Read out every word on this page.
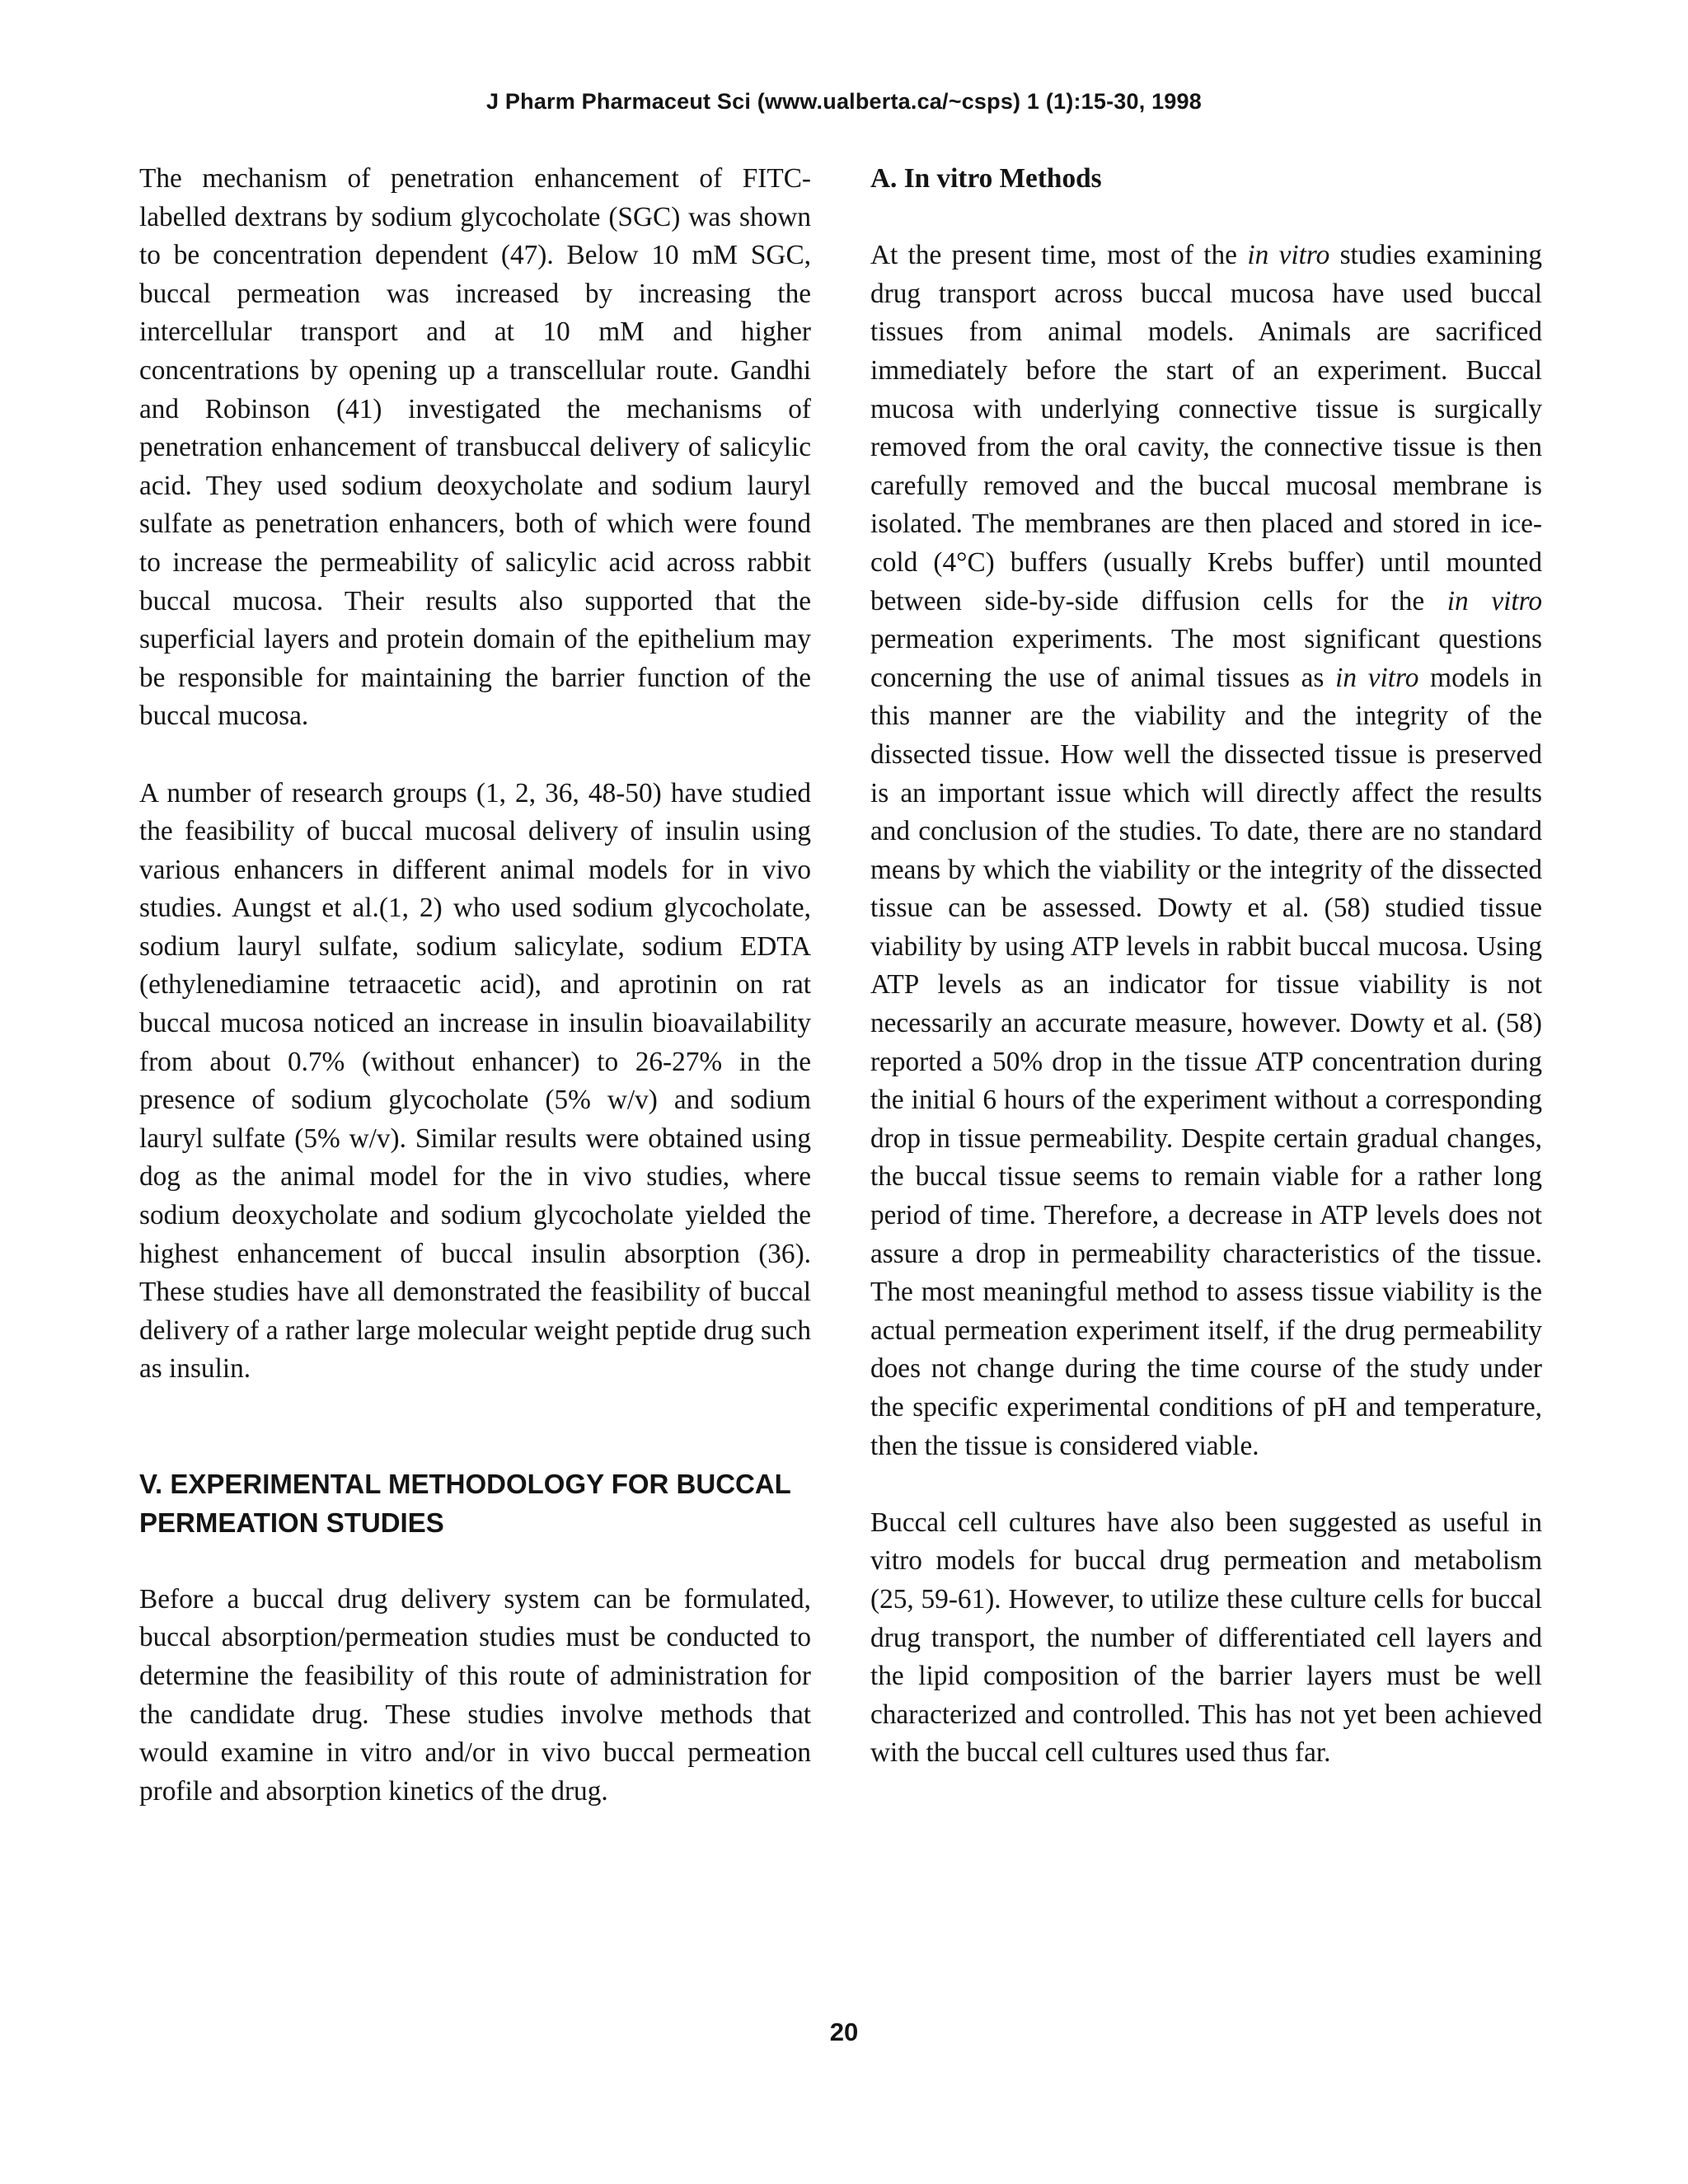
J Pharm Pharmaceut Sci (www.ualberta.ca/~csps) 1 (1):15-30, 1998

The mechanism of penetration enhancement of FITC-labelled dextrans by sodium glycocholate (SGC) was shown to be concentration dependent (47). Below 10 mM SGC, buccal permeation was increased by increasing the intercellular transport and at 10 mM and higher concentrations by opening up a transcellular route. Gandhi and Robinson (41) investigated the mechanisms of penetration enhancement of transbuccal delivery of salicylic acid. They used sodium deoxycholate and sodium lauryl sulfate as penetration enhancers, both of which were found to increase the permeability of salicylic acid across rabbit buccal mucosa. Their results also supported that the superficial layers and protein domain of the epithelium may be responsible for maintaining the barrier function of the buccal mucosa.

A number of research groups (1, 2, 36, 48-50) have studied the feasibility of buccal mucosal delivery of insulin using various enhancers in different animal models for in vivo studies. Aungst et al.(1, 2) who used sodium glycocholate, sodium lauryl sulfate, sodium salicylate, sodium EDTA (ethylenediamine tetraacetic acid), and aprotinin on rat buccal mucosa noticed an increase in insulin bioavailability from about 0.7% (without enhancer) to 26-27% in the presence of sodium glycocholate (5% w/v) and sodium lauryl sulfate (5% w/v). Similar results were obtained using dog as the animal model for the in vivo studies, where sodium deoxycholate and sodium glycocholate yielded the highest enhancement of buccal insulin absorption (36). These studies have all demonstrated the feasibility of buccal delivery of a rather large molecular weight peptide drug such as insulin.

V. EXPERIMENTAL METHODOLOGY FOR BUCCAL PERMEATION STUDIES

Before a buccal drug delivery system can be formulated, buccal absorption/permeation studies must be conducted to determine the feasibility of this route of administration for the candidate drug. These studies involve methods that would examine in vitro and/or in vivo buccal permeation profile and absorption kinetics of the drug.

A. In vitro Methods

At the present time, most of the in vitro studies examining drug transport across buccal mucosa have used buccal tissues from animal models. Animals are sacrificed immediately before the start of an experiment. Buccal mucosa with underlying connective tissue is surgically removed from the oral cavity, the connective tissue is then carefully removed and the buccal mucosal membrane is isolated. The membranes are then placed and stored in ice-cold (4°C) buffers (usually Krebs buffer) until mounted between side-by-side diffusion cells for the in vitro permeation experiments. The most significant questions concerning the use of animal tissues as in vitro models in this manner are the viability and the integrity of the dissected tissue. How well the dissected tissue is preserved is an important issue which will directly affect the results and conclusion of the studies. To date, there are no standard means by which the viability or the integrity of the dissected tissue can be assessed. Dowty et al. (58) studied tissue viability by using ATP levels in rabbit buccal mucosa. Using ATP levels as an indicator for tissue viability is not necessarily an accurate measure, however. Dowty et al. (58) reported a 50% drop in the tissue ATP concentration during the initial 6 hours of the experiment without a corresponding drop in tissue permeability. Despite certain gradual changes, the buccal tissue seems to remain viable for a rather long period of time. Therefore, a decrease in ATP levels does not assure a drop in permeability characteristics of the tissue. The most meaningful method to assess tissue viability is the actual permeation experiment itself, if the drug permeability does not change during the time course of the study under the specific experimental conditions of pH and temperature, then the tissue is considered viable.

Buccal cell cultures have also been suggested as useful in vitro models for buccal drug permeation and metabolism (25, 59-61). However, to utilize these culture cells for buccal drug transport, the number of differentiated cell layers and the lipid composition of the barrier layers must be well characterized and controlled. This has not yet been achieved with the buccal cell cultures used thus far.

20
